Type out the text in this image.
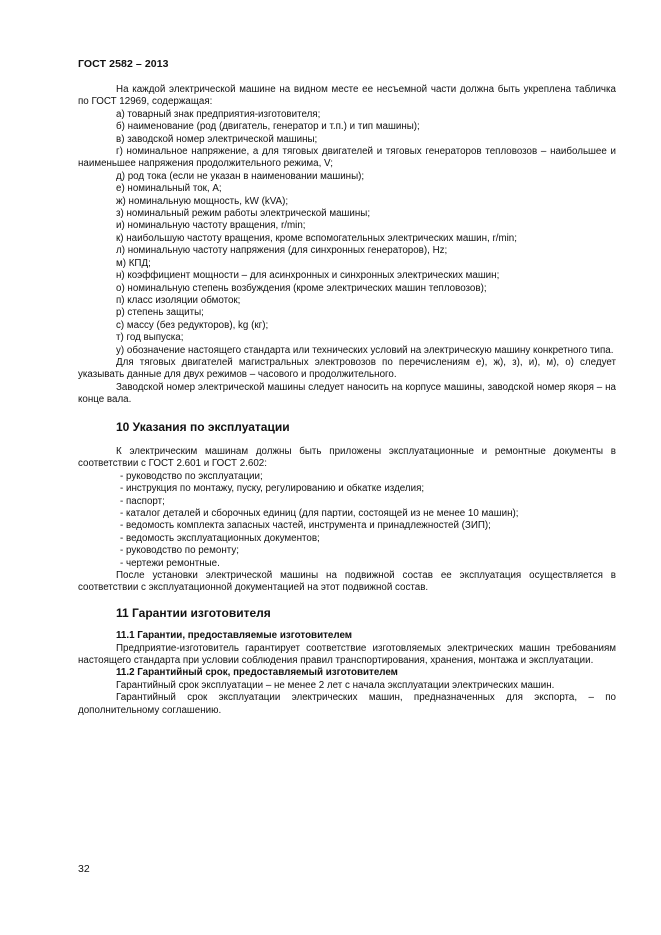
ГОСТ 2582 – 2013

На каждой электрической машине на видном месте ее несъемной части должна быть укреплена табличка по ГОСТ 12969, содержащая:

а) товарный знак предприятия-изготовителя;

б) наименование (род (двигатель, генератор и т.п.) и тип машины);

в) заводской номер электрической машины;

г) номинальное напряжение, а для тяговых двигателей и тяговых генераторов тепловозов – наибольшее и наименьшее напряжения продолжительного режима, V;

д) род тока (если не указан в наименовании машины);

е) номинальный ток, A;

ж) номинальную мощность, kW (kVA);

з) номинальный режим работы электрической машины;

и) номинальную частоту вращения, r/min;

к) наибольшую частоту вращения, кроме вспомогательных электрических машин, r/min;

л) номинальную частоту напряжения (для синхронных генераторов), Hz;

м) КПД;

н) коэффициент мощности – для асинхронных и синхронных электрических машин;

о) номинальную степень возбуждения (кроме электрических машин тепловозов);

п) класс изоляции обмоток;

р) степень защиты;

с) массу (без редукторов), kg (кг);

т) год выпуска;

у) обозначение настоящего стандарта или технических условий на электрическую машину конкретного типа.

Для тяговых двигателей магистральных электровозов по перечислениям е), ж), з), и), м), о) следует указывать данные для двух режимов – часового и продолжительного.

Заводской номер электрической машины следует наносить на корпусе машины, заводской номер якоря – на конце вала.

10 Указания по эксплуатации

К электрическим машинам должны быть приложены эксплуатационные и ремонтные документы в соответствии с ГОСТ 2.601 и ГОСТ 2.602:

- руководство по эксплуатации;

- инструкция по монтажу, пуску, регулированию и обкатке изделия;

- паспорт;

- каталог деталей и сборочных единиц (для партии, состоящей из не менее 10 машин);

- ведомость комплекта запасных частей, инструмента и принадлежностей (ЗИП);

- ведомость эксплуатационных документов;

- руководство по ремонту;

- чертежи ремонтные.

После установки электрической машины на подвижной состав ее эксплуатация осуществляется в соответствии с эксплуатационной документацией на этот подвижной состав.

11 Гарантии изготовителя

11.1 Гарантии, предоставляемые изготовителем

Предприятие-изготовитель гарантирует соответствие изготовляемых электрических машин требованиям настоящего стандарта при условии соблюдения правил транспортирования, хранения, монтажа и эксплуатации.

11.2 Гарантийный срок, предоставляемый изготовителем

Гарантийный срок эксплуатации – не менее 2 лет с начала эксплуатации электрических машин.

Гарантийный срок эксплуатации электрических машин, предназначенных для экспорта, – по дополнительному соглашению.

32
